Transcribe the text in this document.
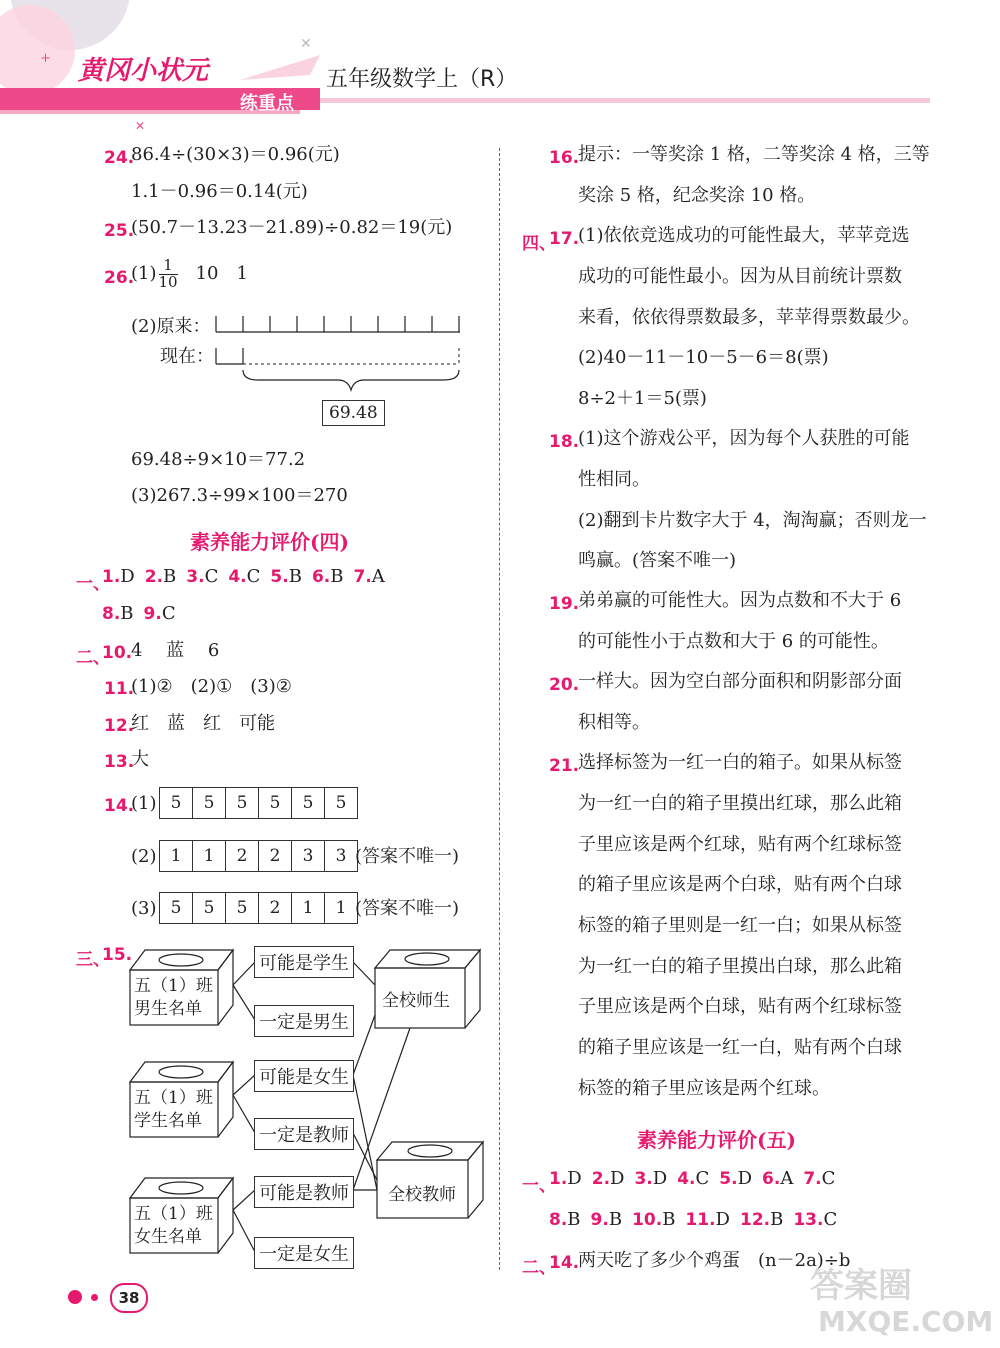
+
✕
✕
黄冈小状元
练重点
五年级数学上（R）
24.
86.4÷(30×3)＝0.96(元)
1.1－0.96＝0.14(元)
25.
(50.7－13.23－21.89)÷0.82＝19(元)
26.
$(1) \frac{1}{10} 10$　1
(2)原来：
现在：
69.48
69.48÷9×10＝77.2
(3)267.3÷99×100＝270
素养能力评价(四)
一、
1.D 2.B 3.C 4.C 5.B 6.B 7.A
8.B 9.C
二、
10.
4　 蓝　 6
11.
(1)②　(2)①　(3)②
12.
红　蓝　红　可能
13.
大
14.
(1) 5	5	5	5	5	5
(2) 1	1	2	2	3	3 (答案不唯一)
(3) 5	5	5	2	1	1 (答案不唯一)
三、
15.
五（1）班
男生名单
五（1）班
学生名单
五（1）班
女生名单
全校师生
全校教师
可能是学生
一定是男生
可能是女生
一定是教师
可能是教师
一定是女生
16.
提示：一等奖涂 1 格，二等奖涂 4 格，三等
奖涂 5 格，纪念奖涂 10 格。
四、
17.
(1)依依竞选成功的可能性最大，苹苹竞选
成功的可能性最小。因为从目前统计票数
来看，依依得票数最多，苹苹得票数最少。
(2)40－11－10－5－6＝8(票)
8÷2＋1＝5(票)
18.
(1)这个游戏公平，因为每个人获胜的可能
性相同。
(2)翻到卡片数字大于 4，淘淘赢；否则龙一
鸣赢。(答案不唯一)
19.
弟弟赢的可能性大。因为点数和不大于 6
的可能性小于点数和大于 6 的可能性。
20.
一样大。因为空白部分面积和阴影部分面
积相等。
21.
选择标签为一红一白的箱子。如果从标签
为一红一白的箱子里摸出红球，那么此箱
子里应该是两个红球，贴有两个红球标签
的箱子里应该是两个白球，贴有两个白球
标签的箱子里则是一红一白；如果从标签
为一红一白的箱子里摸出白球，那么此箱
子里应该是两个白球，贴有两个红球标签
的箱子里应该是一红一白，贴有两个白球
标签的箱子里应该是两个红球。
素养能力评价(五)
一、
1.D 2.D 3.D 4.C 5.D 6.A 7.C
8.B 9.B 10.B 11.D 12.B 13.C
二、
14.
两天吃了多少个鸡蛋　(n－2a)÷b
38	答案圈
MXQE.COM
